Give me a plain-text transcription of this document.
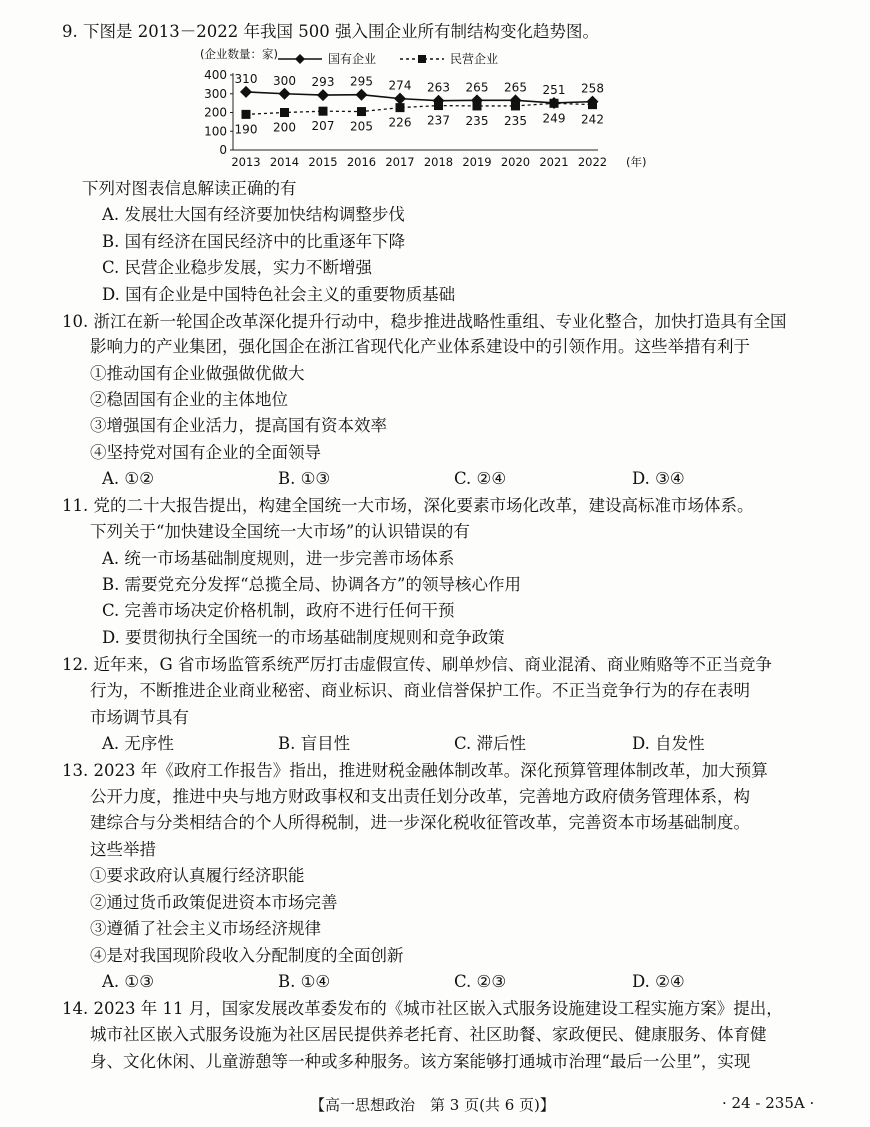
9. 下图是 2013－2022 年我国 500 强入围企业所有制结构变化趋势图。
(企业数量：家)
0
100
200
300
400
2013 2014 2015 2016 2017 2018 2019 2020 2021 2022 (年)
国有企业	民营企业
310 300 293 295 274 263 265 265 251 258
190 200 207 205 226 237 235 235 249 242
下列对图表信息解读正确的有
A. 发展壮大国有经济要加快结构调整步伐
B. 国有经济在国民经济中的比重逐年下降
C. 民营企业稳步发展，实力不断增强
D. 国有企业是中国特色社会主义的重要物质基础
10. 浙江在新一轮国企改革深化提升行动中，稳步推进战略性重组、专业化整合，加快打造具有全国
影响力的产业集团，强化国企在浙江省现代化产业体系建设中的引领作用。这些举措有利于
①推动国有企业做强做优做大
②稳固国有企业的主体地位
③增强国有企业活力，提高国有资本效率
④坚持党对国有企业的全面领导
A. ①②	B. ①③	C. ②④	D. ③④
11. 党的二十大报告提出，构建全国统一大市场，深化要素市场化改革，建设高标准市场体系。
下列关于“加快建设全国统一大市场”的认识错误的有
A. 统一市场基础制度规则，进一步完善市场体系
B. 需要党充分发挥“总揽全局、协调各方”的领导核心作用
C. 完善市场决定价格机制，政府不进行任何干预
D. 要贯彻执行全国统一的市场基础制度规则和竞争政策
12. 近年来，G 省市场监管系统严厉打击虚假宣传、刷单炒信、商业混淆、商业贿赂等不正当竞争
行为，不断推进企业商业秘密、商业标识、商业信誉保护工作。不正当竞争行为的存在表明
市场调节具有
A. 无序性	B. 盲目性	C. 滞后性	D. 自发性
13. 2023 年《政府工作报告》指出，推进财税金融体制改革。深化预算管理体制改革，加大预算
公开力度，推进中央与地方财政事权和支出责任划分改革，完善地方政府债务管理体系，构
建综合与分类相结合的个人所得税制，进一步深化税收征管改革，完善资本市场基础制度。
这些举措
①要求政府认真履行经济职能
②通过货币政策促进资本市场完善
③遵循了社会主义市场经济规律
④是对我国现阶段收入分配制度的全面创新
A. ①③	B. ①④	C. ②③	D. ②④
14. 2023 年 11 月，国家发展改革委发布的《城市社区嵌入式服务设施建设工程实施方案》提出，
城市社区嵌入式服务设施为社区居民提供养老托育、社区助餐、家政便民、健康服务、体育健
身、文化休闲、儿童游憩等一种或多种服务。该方案能够打通城市治理“最后一公里”，实现
【高一思想政治　第 3 页(共 6 页)】	· 24 - 235A ·
